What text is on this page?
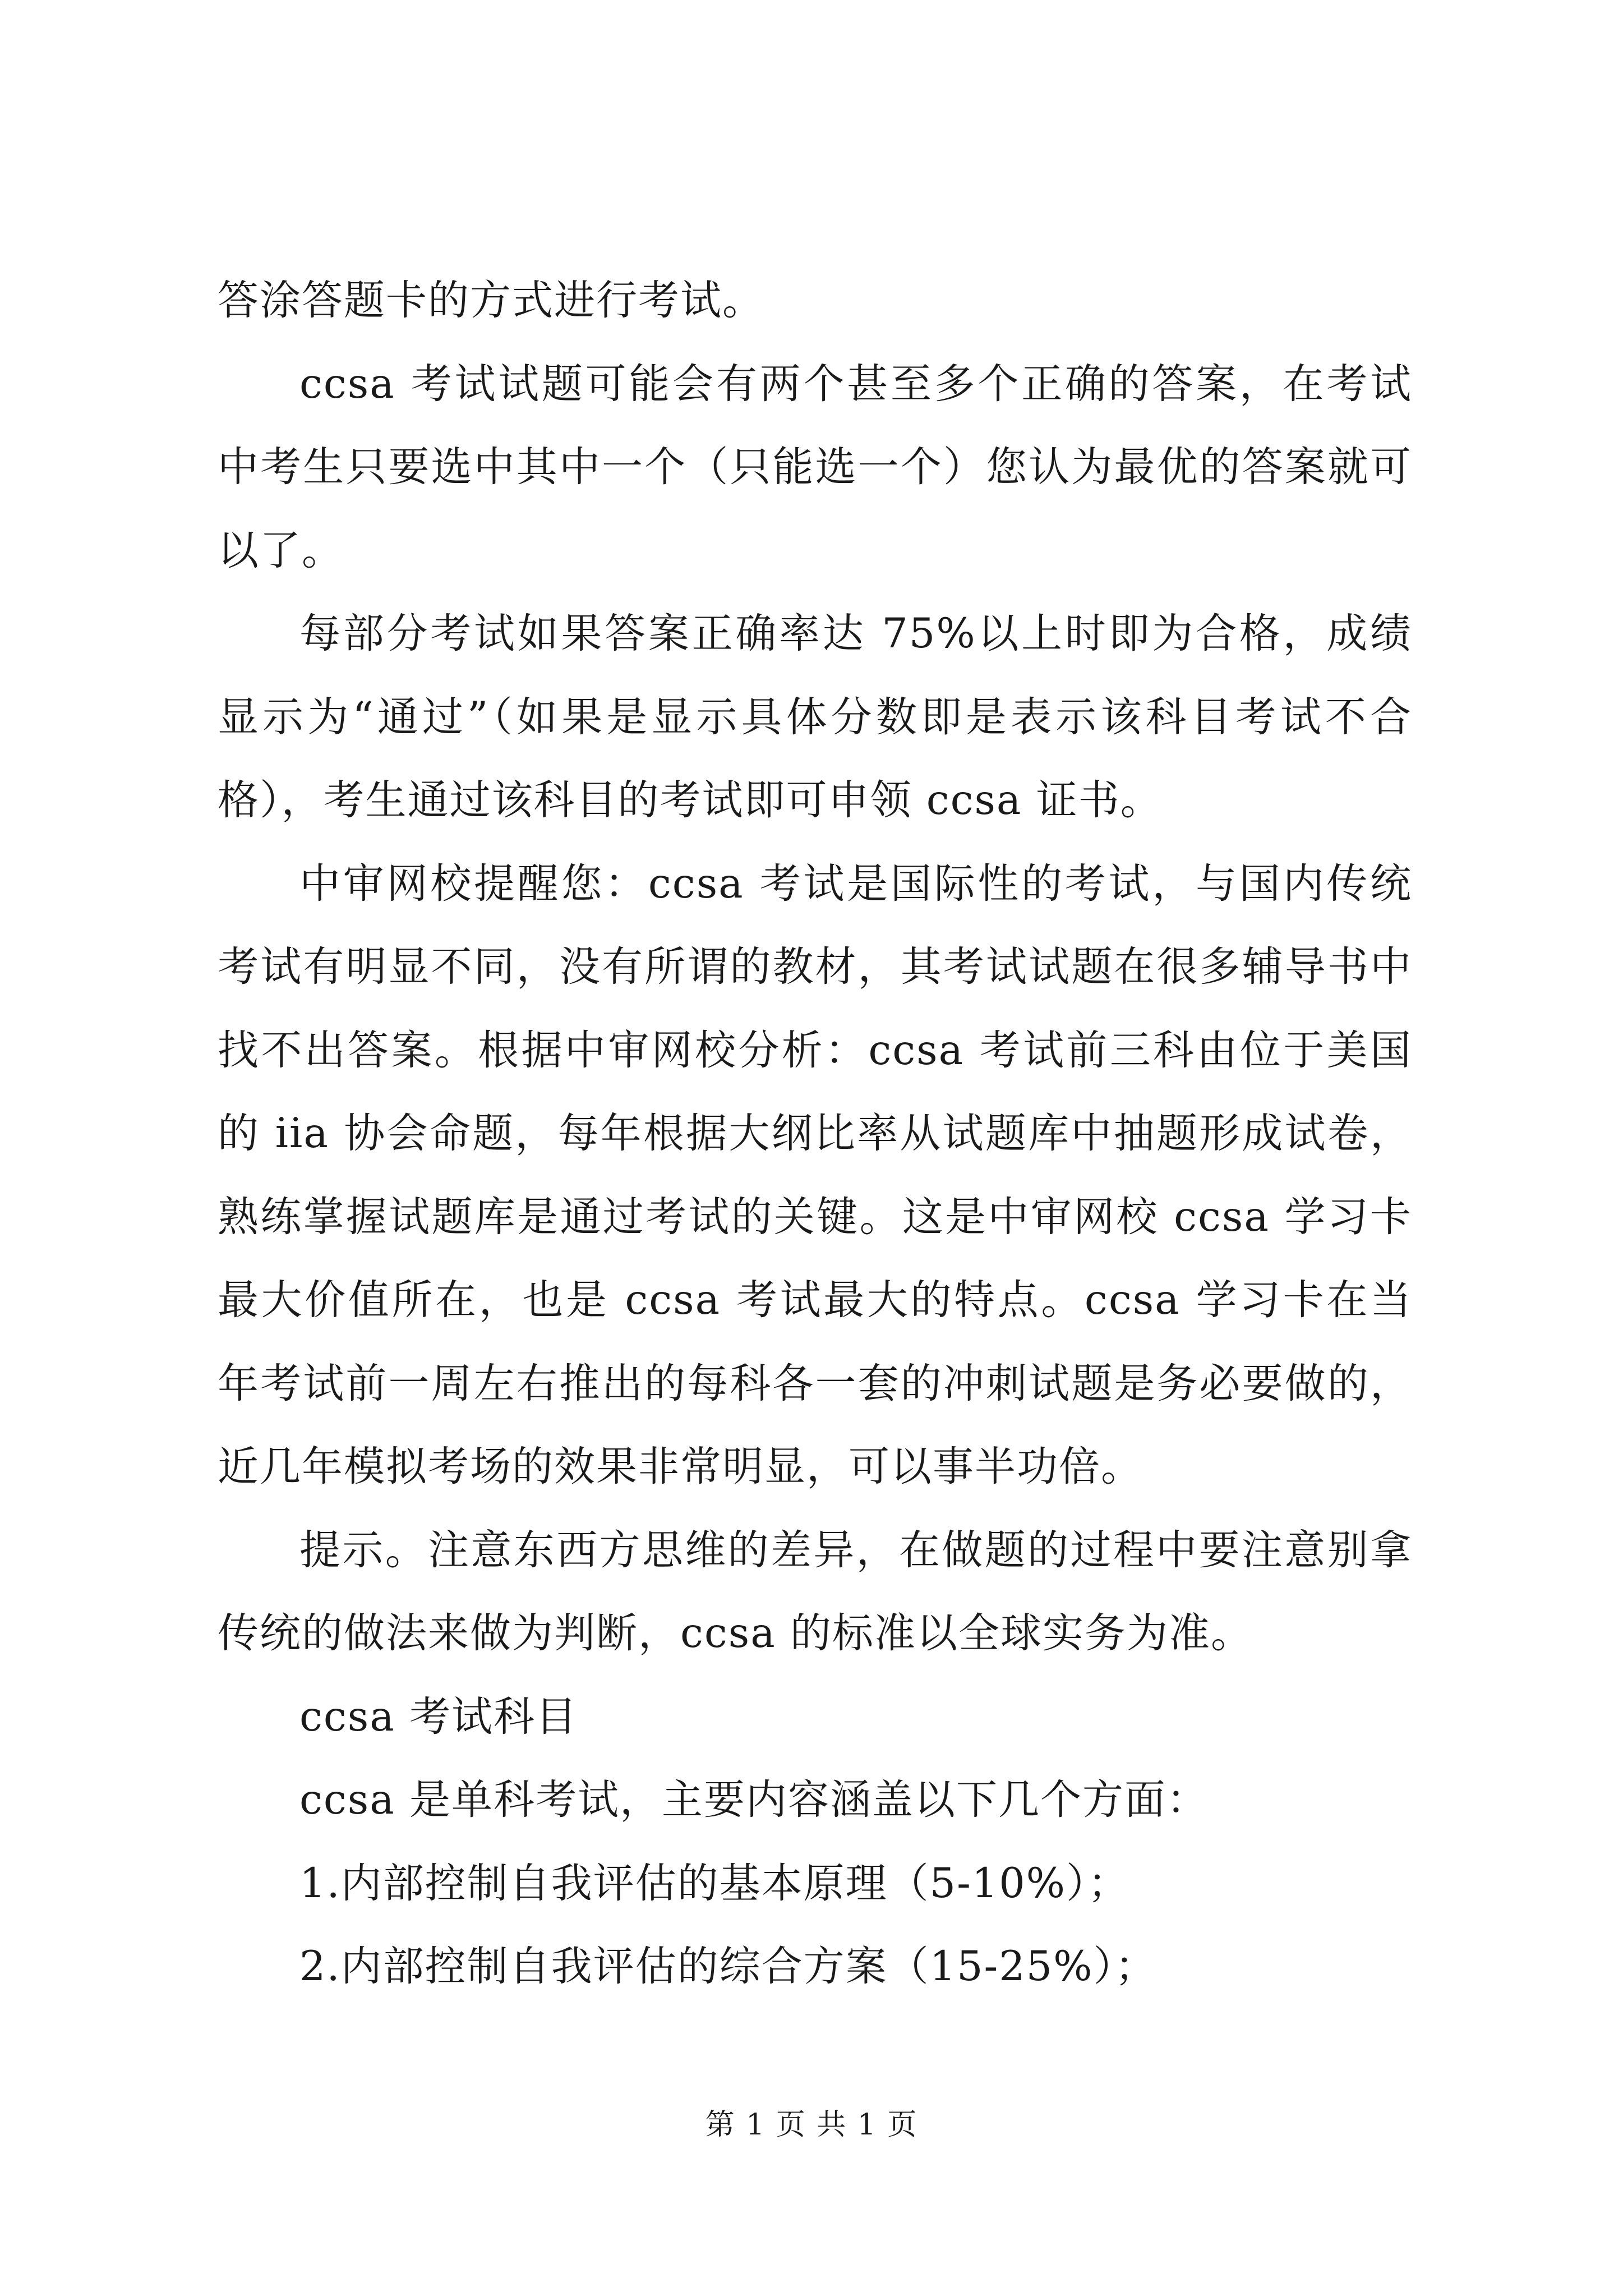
答涂答题卡的方式进行考试。

ccsa 考试试题可能会有两个甚至多个正确的答案，在考试中考生只要选中其中一个（只能选一个）您认为最优的答案就可以了。

每部分考试如果答案正确率达 75%以上时即为合格，成绩显示为“通过”（如果是显示具体分数即是表示该科目考试不合格），考生通过该科目的考试即可申领 ccsa 证书。

中审网校提醒您：ccsa 考试是国际性的考试，与国内传统考试有明显不同，没有所谓的教材，其考试试题在很多辅导书中找不出答案。根据中审网校分析：ccsa 考试前三科由位于美国的 iia 协会命题，每年根据大纲比率从试题库中抽题形成试卷，熟练掌握试题库是通过考试的关键。这是中审网校 ccsa 学习卡最大价值所在，也是 ccsa 考试最大的特点。ccsa 学习卡在当年考试前一周左右推出的每科各一套的冲刺试题是务必要做的，近几年模拟考场的效果非常明显，可以事半功倍。

提示。注意东西方思维的差异，在做题的过程中要注意别拿传统的做法来做为判断，ccsa 的标准以全球实务为准。

ccsa 考试科目

ccsa 是单科考试，主要内容涵盖以下几个方面：

1.内部控制自我评估的基本原理（5-10%）；

2.内部控制自我评估的综合方案（15-25%）；

第 1 页 共 1 页
